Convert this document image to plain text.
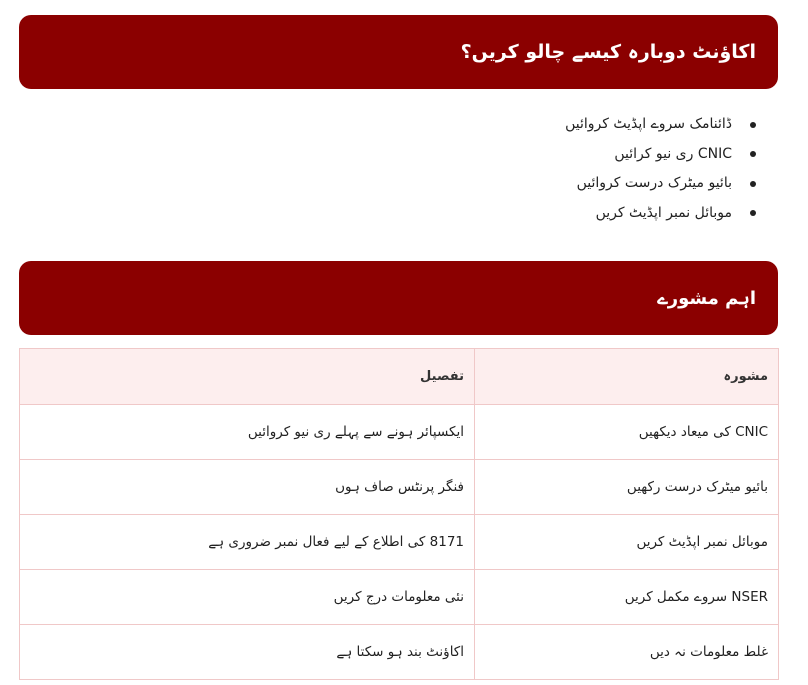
اکاؤنٹ دوبارہ کیسے چالو کریں؟
ڈائنامک سروے اپڈیٹ کروائیں
CNIC ری نیو کرائیں
بائیو میٹرک درست کروائیں
موبائل نمبر اپڈیٹ کریں
اہم مشورے
مشورہ	تفصیل
CNIC کی میعاد دیکھیں	ایکسپائر ہونے سے پہلے ری نیو کروائیں
بائیو میٹرک درست رکھیں	فنگر پرنٹس صاف ہوں
موبائل نمبر اپڈیٹ کریں	8171 کی اطلاع کے لیے فعال نمبر ضروری ہے
NSER سروے مکمل کریں	نئی معلومات درج کریں
غلط معلومات نہ دیں	اکاؤنٹ بند ہو سکتا ہے
